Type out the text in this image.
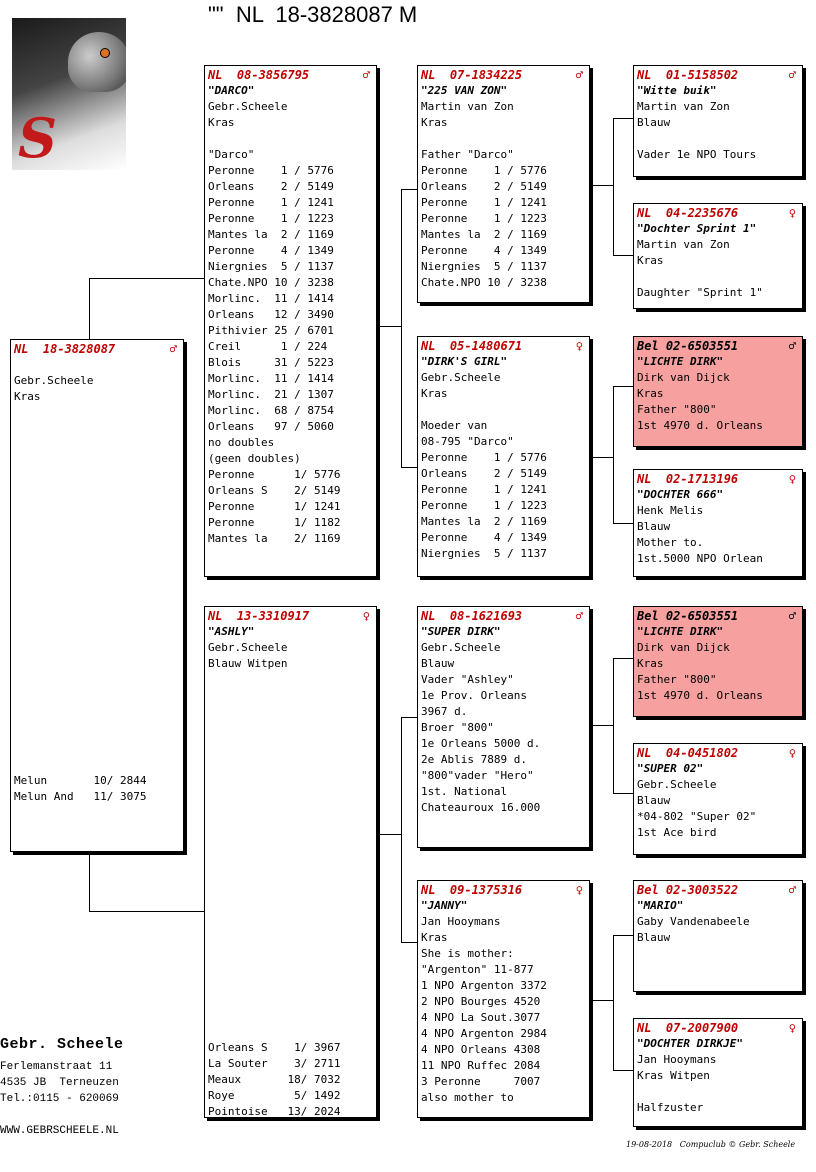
""  NL  18-3828087 M
S
NL  18-3828087	♂
Gebr.Scheele
Kras
Melun       10/ 2844
Melun And   11/ 3075
NL  08-3856795	♂
"DARCO"
Gebr.Scheele
Kras
"Darco"
Peronne    1 / 5776
Orleans    2 / 5149
Peronne    1 / 1241
Peronne    1 / 1223
Mantes la  2 / 1169
Peronne    4 / 1349
Niergnies  5 / 1137
Chate.NPO 10 / 3238
Morlinc.  11 / 1414
Orleans   12 / 3490
Pithivier 25 / 6701
Creil      1 / 224
Blois     31 / 5223
Morlinc.  11 / 1414
Morlinc.  21 / 1307
Morlinc.  68 / 8754
Orleans   97 / 5060
no doubles
(geen doubles)
Peronne      1/ 5776
Orleans S    2/ 5149
Peronne      1/ 1241
Peronne      1/ 1182
Mantes la    2/ 1169
NL  13-3310917	♀
"ASHLY"
Gebr.Scheele
Blauw Witpen
Orleans S    1/ 3967
La Souter    3/ 2711
Meaux       18/ 7032
Roye         5/ 1492
Pointoise   13/ 2024
NL  07-1834225	♂
"225 VAN ZON"
Martin van Zon
Kras
Father "Darco"
Peronne    1 / 5776
Orleans    2 / 5149
Peronne    1 / 1241
Peronne    1 / 1223
Mantes la  2 / 1169
Peronne    4 / 1349
Niergnies  5 / 1137
Chate.NPO 10 / 3238
NL  05-1480671	♀
"DIRK'S GIRL"
Gebr.Scheele
Kras
Moeder van
08-795 "Darco"
Peronne    1 / 5776
Orleans    2 / 5149
Peronne    1 / 1241
Peronne    1 / 1223
Mantes la  2 / 1169
Peronne    4 / 1349
Niergnies  5 / 1137
NL  08-1621693	♂
"SUPER DIRK"
Gebr.Scheele
Blauw
Vader "Ashley"
1e Prov. Orleans
3967 d.
Broer "800"
1e Orleans 5000 d.
2e Ablis 7889 d.
"800"vader "Hero"
1st. National
Chateauroux 16.000
NL  09-1375316	♀
"JANNY"
Jan Hooymans
Kras
She is mother:
"Argenton" 11-877
1 NPO Argenton 3372
2 NPO Bourges 4520
4 NPO La Sout.3077
4 NPO Argenton 2984
4 NPO Orleans 4308
11 NPO Ruffec 2084
3 Peronne     7007
also mother to
NL  01-5158502	♂
"Witte buik"
Martin van Zon
Blauw
Vader 1e NPO Tours
NL  04-2235676	♀
"Dochter Sprint 1"
Martin van Zon
Kras
Daughter "Sprint 1"
Bel 02-6503551	♂
"LICHTE DIRK"
Dirk van Dijck
Kras
Father "800"
1st 4970 d. Orleans
NL  02-1713196	♀
"DOCHTER 666"
Henk Melis
Blauw
Mother to.
1st.5000 NPO Orlean
Bel 02-6503551	♂
"LICHTE DIRK"
Dirk van Dijck
Kras
Father "800"
1st 4970 d. Orleans
NL  04-0451802	♀
"SUPER 02"
Gebr.Scheele
Blauw
*04-802 "Super 02"
1st Ace bird
Bel 02-3003522	♂
"MARIO"
Gaby Vandenabeele
Blauw
NL  07-2007900	♀
"DOCHTER DIRKJE"
Jan Hooymans
Kras Witpen
Halfzuster
Gebr. Scheele
Ferlemanstraat 11
4535 JB  Terneuzen
Tel.:0115 - 620069
WWW.GEBRSCHEELE.NL
19-08-2018   Compuclub © Gebr. Scheele
